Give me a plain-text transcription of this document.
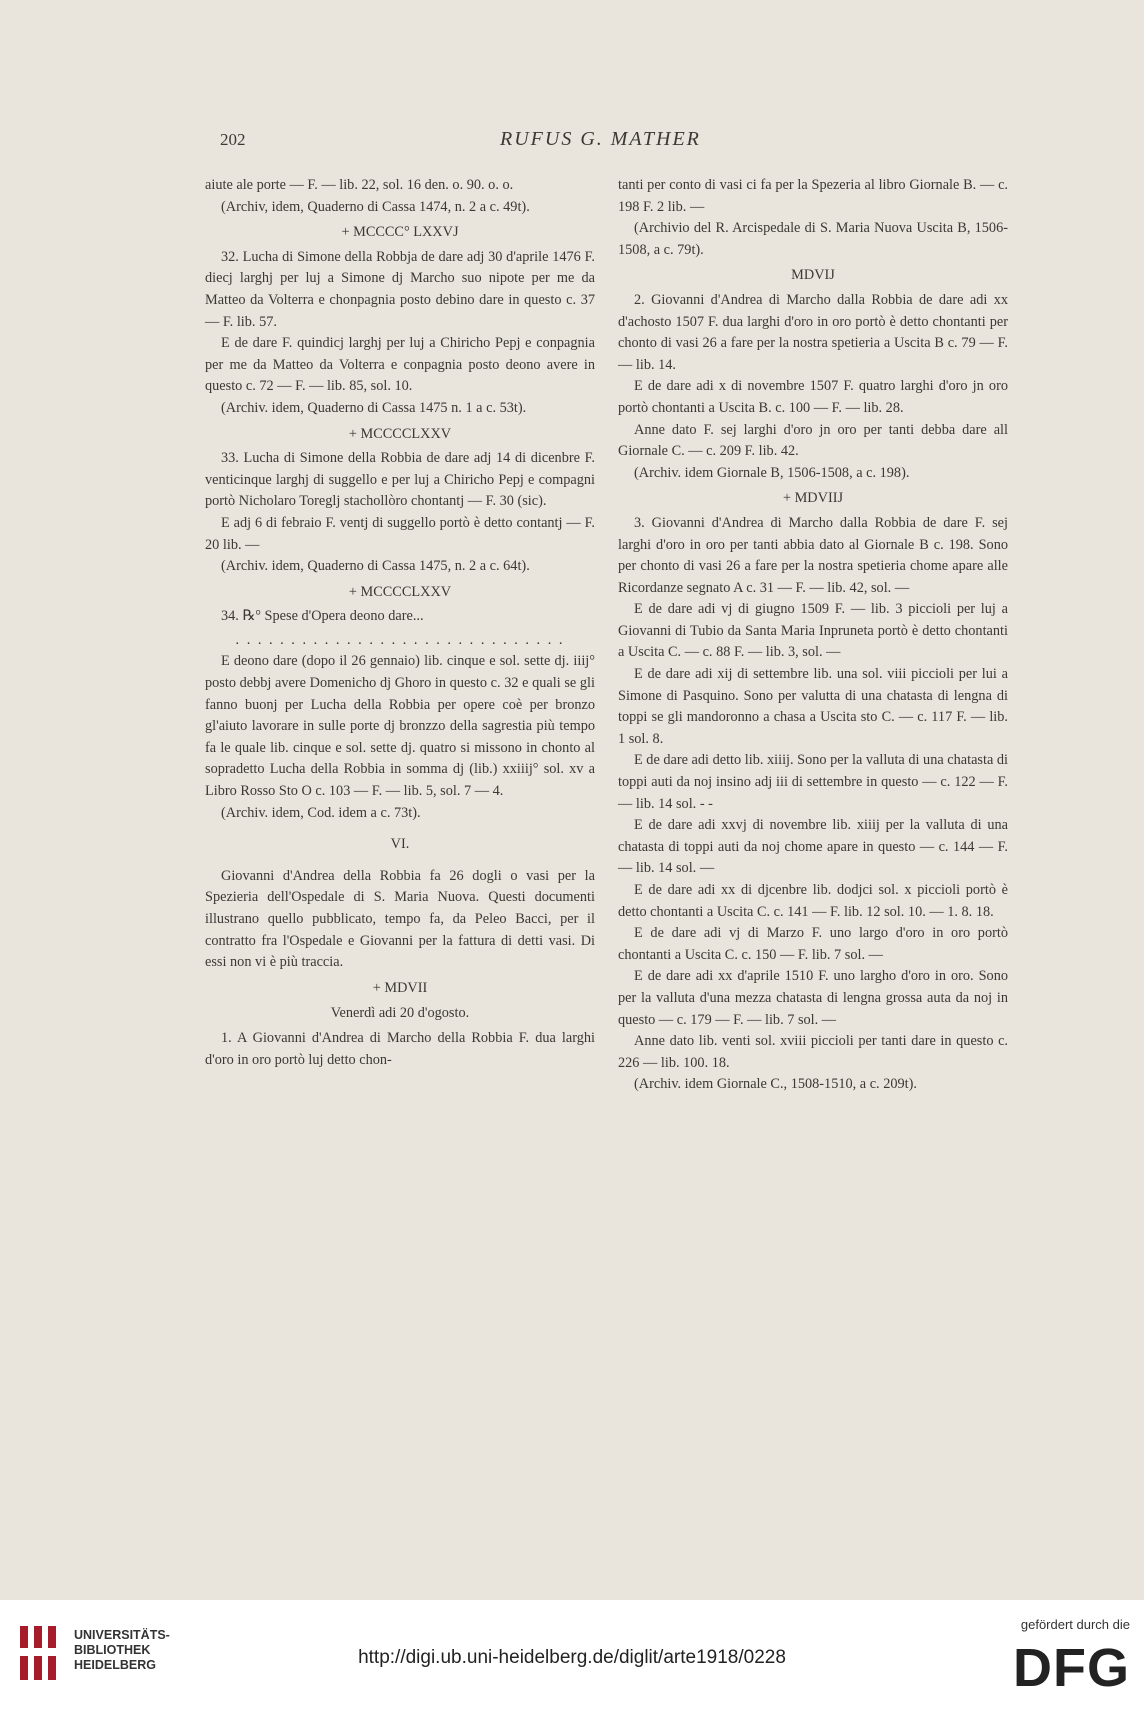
202	RUFUS G. MATHER

aiute ale porte — F. — lib. 22, sol. 16 den. o. 90. o. o.

(Archiv, idem, Quaderno di Cassa 1474, n. 2 a c. 49t).

+ MCCCC° LXXVJ

32. Lucha di Simone della Robbja de dare adj 30 d'aprile 1476 F. diecj larghj per luj a Simone dj Marcho suo nipote per me da Matteo da Volterra e chonpagnia posto debino dare in questo c. 37 — F. lib. 57.

E de dare F. quindicj larghj per luj a Chiricho Pepj e conpagnia per me da Matteo da Volterra e conpagnia posto deono avere in questo c. 72 — F. — lib. 85, sol. 10.

(Archiv. idem, Quaderno di Cassa 1475 n. 1 a c. 53t).

+ MCCCCLXXV

33. Lucha di Simone della Robbia de dare adj 14 di dicenbre F. venticinque larghj di suggello e per luj a Chiricho Pepj e compagni portò Nicholaro Toreglj stachollòro chontantj — F. 30 (sic).

E adj 6 di febraio F. ventj di suggello portò è detto contantj — F. 20 lib. —

(Archiv. idem, Quaderno di Cassa 1475, n. 2 a c. 64t).

+ MCCCCLXXV

34. ℞° Spese d'Opera deono dare...

. . . . . . . . . . . . . . . . . . . . . . . . . . . . . .

E deono dare (dopo il 26 gennaio) lib. cinque e sol. sette dj. iiij° posto debbj avere Domenicho dj Ghoro in questo c. 32 e quali se gli fanno buonj per Lucha della Robbia per opere coè per bronzo gl'aiuto lavorare in sulle porte dj bronzzo della sagrestia più tempo fa le quale lib. cinque e sol. sette dj. quatro si missono in chonto al sopradetto Lucha della Robbia in somma dj (lib.) xxiiij° sol. xv a Libro Rosso Sto O c. 103 — F. — lib. 5, sol. 7 — 4.

(Archiv. idem, Cod. idem a c. 73t).

VI.

Giovanni d'Andrea della Robbia fa 26 dogli o vasi per la Spezieria dell'Ospedale di S. Maria Nuova. Questi documenti illustrano quello pubblicato, tempo fa, da Peleo Bacci, per il contratto fra l'Ospedale e Giovanni per la fattura di detti vasi. Di essi non vi è più traccia.

+ MDVII

Venerdì adi 20 d'ogosto.

1. A Giovanni d'Andrea di Marcho della Robbia F. dua larghi d'oro in oro portò luj detto chon-

tanti per conto di vasi ci fa per la Spezeria al libro Giornale B. — c. 198 F. 2 lib. —

(Archivio del R. Arcispedale di S. Maria Nuova Uscita B, 1506-1508, a c. 79t).

MDVIJ

2. Giovanni d'Andrea di Marcho dalla Robbia de dare adi xx d'achosto 1507 F. dua larghi d'oro in oro portò è detto chontanti per chonto di vasi 26 a fare per la nostra spetieria a Uscita B c. 79 — F. — lib. 14.

E de dare adi x di novembre 1507 F. quatro larghi d'oro jn oro portò chontanti a Uscita B. c. 100 — F. — lib. 28.

Anne dato F. sej larghi d'oro jn oro per tanti debba dare all Giornale C. — c. 209 F. lib. 42.

(Archiv. idem Giornale B, 1506-1508, a c. 198).

+ MDVIIJ

3. Giovanni d'Andrea di Marcho dalla Robbia de dare F. sej larghi d'oro in oro per tanti abbia dato al Giornale B c. 198. Sono per chonto di vasi 26 a fare per la nostra spetieria chome apare alle Ricordanze segnato A c. 31 — F. — lib. 42, sol. —

E de dare adi vj di giugno 1509 F. — lib. 3 piccioli per luj a Giovanni di Tubio da Santa Maria Inpruneta portò è detto chontanti a Uscita C. — c. 88 F. — lib. 3, sol. —

E de dare adi xij di settembre lib. una sol. viii piccioli per lui a Simone di Pasquino. Sono per valutta di una chatasta di lengna di toppi se gli mandoronno a chasa a Uscita sto C. — c. 117 F. — lib. 1 sol. 8.

E de dare adi detto lib. xiiij. Sono per la valluta di una chatasta di toppi auti da noj insino adj iii di settembre in questo — c. 122 — F. — lib. 14 sol. - -

E de dare adi xxvj di novembre lib. xiiij per la valluta di una chatasta di toppi auti da noj chome apare in questo — c. 144 — F. — lib. 14 sol. —

E de dare adi xx di djcenbre lib. dodjci sol. x piccioli portò è detto chontanti a Uscita C. c. 141 — F. lib. 12 sol. 10. — 1. 8. 18.

E de dare adi vj di Marzo F. uno largo d'oro in oro portò chontanti a Uscita C. c. 150 — F. lib. 7 sol. —

E de dare adi xx d'aprile 1510 F. uno largho d'oro in oro. Sono per la valluta d'una mezza chatasta di lengna grossa auta da noj in questo — c. 179 — F. — lib. 7 sol. —

Anne dato lib. venti sol. xviii piccioli per tanti dare in questo c. 226 — lib. 100. 18.

(Archiv. idem Giornale C., 1508-1510, a c. 209t).

UNIVERSITÄTS-
BIBLIOTHEK
HEIDELBERG	http://digi.ub.uni-heidelberg.de/diglit/arte1918/0228
gefördert durch die
DFG
